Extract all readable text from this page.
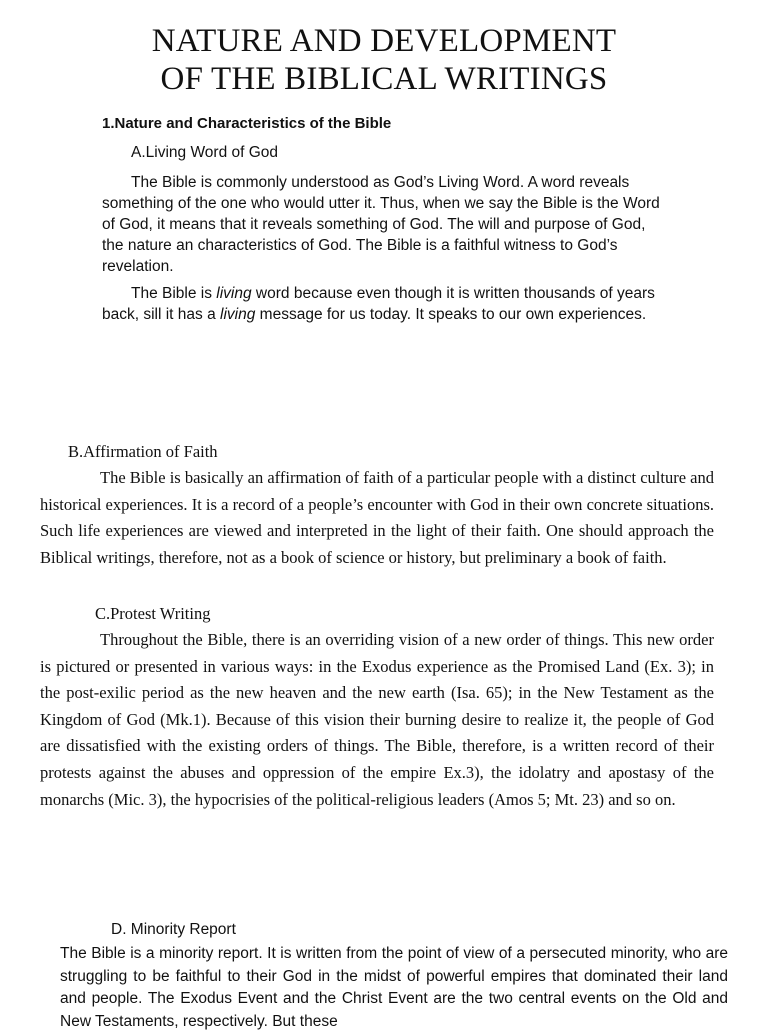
NATURE AND DEVELOPMENT
OF THE BIBLICAL WRITINGS
1.Nature and Characteristics of the Bible
A.Living Word of God
The Bible is commonly understood as God’s Living Word. A word reveals something of the one who would utter it. Thus, when we say the Bible is the Word of God, it means that it reveals something of God. The will and purpose of God, the nature an characteristics of God. The Bible is a faithful witness to God’s revelation.
The Bible is living word because even though it is written thousands of years back, sill it has a living message for us today. It speaks to our own experiences.
B.Affirmation of Faith
The Bible is basically an affirmation of faith of a particular people with a distinct culture and historical experiences. It is a record of a people’s encounter with God in their own concrete situations. Such life experiences are viewed and interpreted in the light of their faith. One should approach the Biblical writings, therefore, not as a book of science or history, but preliminary a book of faith.
C.Protest Writing
Throughout the Bible, there is an overriding vision of a new order of things. This new order is pictured or presented in various ways: in the Exodus experience as the Promised Land (Ex. 3); in the post-exilic period as the new heaven and the new earth (Isa. 65); in the New Testament as the Kingdom of God (Mk.1). Because of this vision their burning desire to realize it, the people of God are dissatisfied with the existing orders of things. The Bible, therefore, is a written record of their protests against the abuses and oppression of the empire Ex.3), the idolatry and apostasy of the monarchs (Mic. 3), the hypocrisies of the political-religious leaders (Amos 5; Mt. 23) and so on.
D. Minority Report
The Bible is a minority report. It is written from the point of view of a persecuted minority, who are struggling to be faithful to their God in the midst of powerful empires that dominated their land and people. The Exodus Event and the Christ Event are the two central events on the Old and New Testaments, respectively. But these
